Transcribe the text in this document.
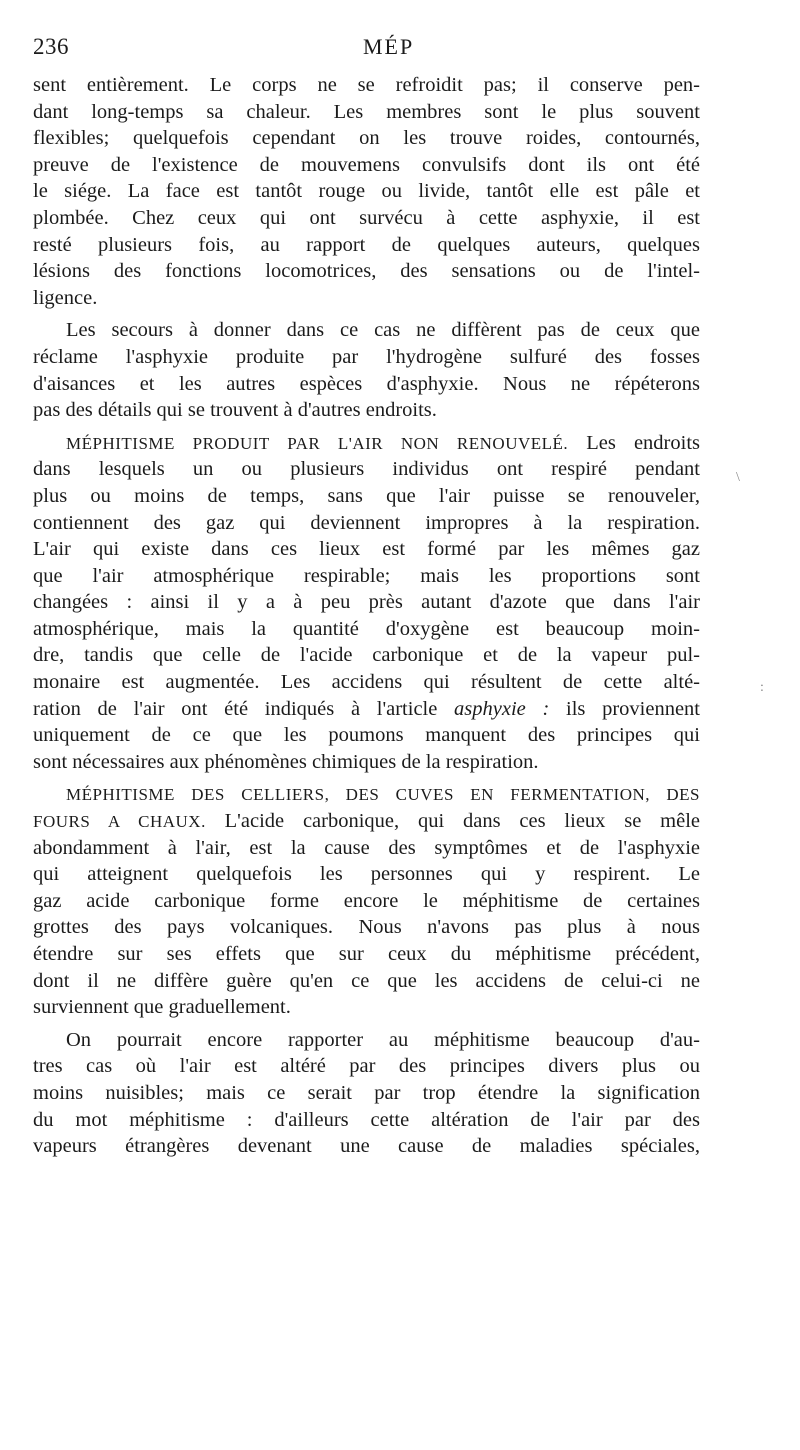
236	MÉP
sent entièrement. Le corps ne se refroidit pas; il conserve pen-
dant long-temps sa chaleur. Les membres sont le plus souvent
flexibles; quelquefois cependant on les trouve roides, contournés,
preuve de l'existence de mouvemens convulsifs dont ils ont été
le siége. La face est tantôt rouge ou livide, tantôt elle est pâle et
plombée. Chez ceux qui ont survécu à cette asphyxie, il est
resté plusieurs fois, au rapport de quelques auteurs, quelques
lésions des fonctions locomotrices, des sensations ou de l'intel-
ligence.
Les secours à donner dans ce cas ne diffèrent pas de ceux que
réclame l'asphyxie produite par l'hydrogène sulfuré des fosses
d'aisances et les autres espèces d'asphyxie. Nous ne répéterons
pas des détails qui se trouvent à d'autres endroits.
MÉPHITISME PRODUIT PAR L'AIR NON RENOUVELÉ. Les endroits
dans lesquels un ou plusieurs individus ont respiré pendant
plus ou moins de temps, sans que l'air puisse se renouveler,
contiennent des gaz qui deviennent impropres à la respiration.
L'air qui existe dans ces lieux est formé par les mêmes gaz
que l'air atmosphérique respirable; mais les proportions sont
changées : ainsi il y a à peu près autant d'azote que dans l'air
atmosphérique, mais la quantité d'oxygène est beaucoup moin-
dre, tandis que celle de l'acide carbonique et de la vapeur pul-
monaire est augmentée. Les accidens qui résultent de cette alté-
ration de l'air ont été indiqués à l'article asphyxie : ils proviennent
uniquement de ce que les poumons manquent des principes qui
sont nécessaires aux phénomènes chimiques de la respiration.
MÉPHITISME DES CELLIERS, DES CUVES EN FERMENTATION, DES
FOURS A CHAUX. L'acide carbonique, qui dans ces lieux se mêle
abondamment à l'air, est la cause des symptômes et de l'asphyxie
qui atteignent quelquefois les personnes qui y respirent. Le
gaz acide carbonique forme encore le méphitisme de certaines
grottes des pays volcaniques. Nous n'avons pas plus à nous
étendre sur ses effets que sur ceux du méphitisme précédent,
dont il ne diffère guère qu'en ce que les accidens de celui-ci ne
surviennent que graduellement.
On pourrait encore rapporter au méphitisme beaucoup d'au-
tres cas où l'air est altéré par des principes divers plus ou
moins nuisibles; mais ce serait par trop étendre la signification
du mot méphitisme : d'ailleurs cette altération de l'air par des
vapeurs étrangères devenant une cause de maladies spéciales,
\
:
